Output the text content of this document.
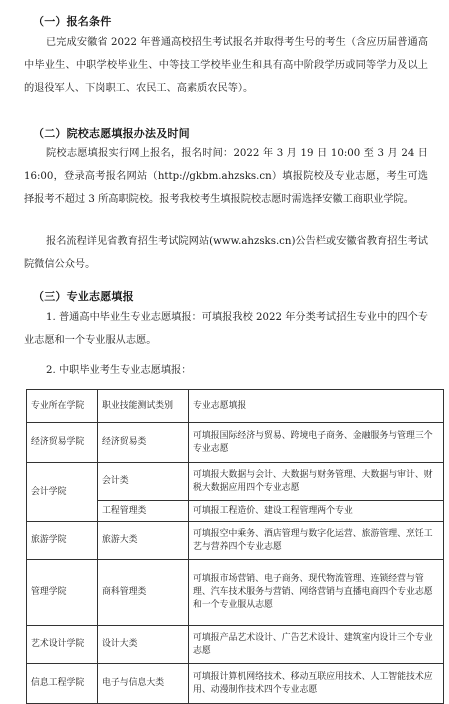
（一）报名条件

已完成安徽省 2022 年普通高校招生考试报名并取得考生号的考生（含应历届普通高中毕业生、中职学校毕业生、中等技工学校毕业生和具有高中阶段学历或同等学力及以上的退役军人、下岗职工、农民工、高素质农民等）。

（二）院校志愿填报办法及时间

院校志愿填报实行网上报名，报名时间：2022 年 3 月 19 日 10:00 至 3 月 24 日 16:00，登录高考报名网站（http://gkbm.ahzsks.cn）填报院校及专业志愿，考生可选择报考不超过 3 所高职院校。报考我校考生填报院校志愿时需选择安徽工商职业学院。

报名流程详见省教育招生考试院网站(www.ahzsks.cn)公告栏或安徽省教育招生考试院微信公众号。

（三）专业志愿填报

1. 普通高中毕业生专业志愿填报：可填报我校 2022 年分类考试招生专业中的四个专业志愿和一个专业服从志愿。

2. 中职毕业考生专业志愿填报：

专业所在学院	职业技能测试类别	专业志愿填报
经济贸易学院	经济贸易类	可填报国际经济与贸易、跨境电子商务、金融服务与管理三个专业志愿
会计学院	会计类	可填报大数据与会计、大数据与财务管理、大数据与审计、财税大数据应用四个专业志愿
	工程管理类	可填报工程造价、建设工程管理两个专业
旅游学院	旅游大类	可填报空中乘务、酒店管理与数字化运营、旅游管理、烹饪工艺与营养四个专业志愿
管理学院	商科管理类	可填报市场营销、电子商务、现代物流管理、连锁经营与管理、汽车技术服务与营销、网络营销与直播电商四个专业志愿和一个专业服从志愿
艺术设计学院	设计大类	可填报产品艺术设计、广告艺术设计、建筑室内设计三个专业志愿
信息工程学院	电子与信息大类	可填报计算机网络技术、移动互联应用技术、人工智能技术应用、动漫制作技术四个专业志愿
